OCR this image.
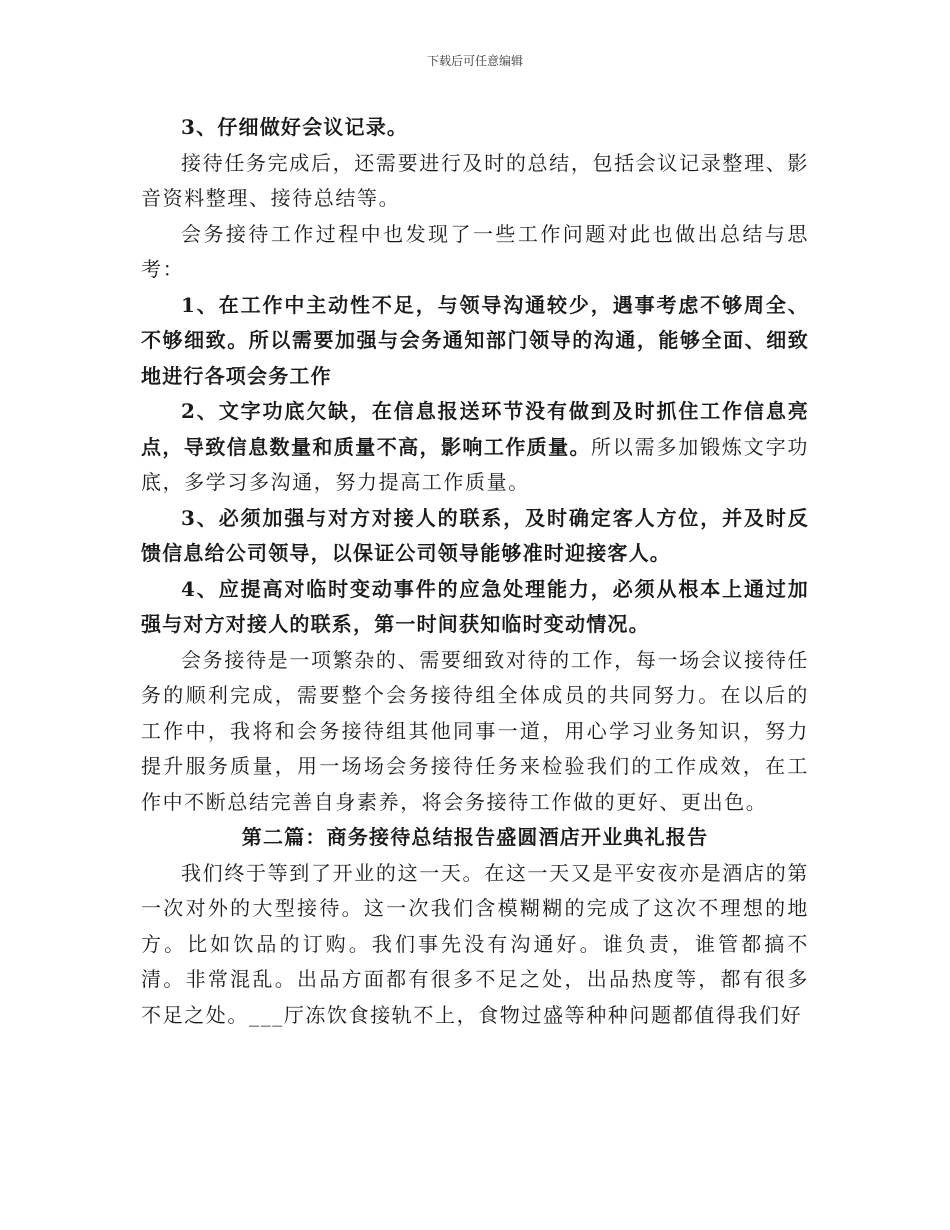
下载后可任意编辑

3、仔细做好会议记录。

接待任务完成后，还需要进行及时的总结，包括会议记录整理、影音资料整理、接待总结等。

会务接待工作过程中也发现了一些工作问题对此也做出总结与思考：

1、在工作中主动性不足，与领导沟通较少，遇事考虑不够周全、不够细致。所以需要加强与会务通知部门领导的沟通，能够全面、细致地进行各项会务工作

2、文字功底欠缺，在信息报送环节没有做到及时抓住工作信息亮点，导致信息数量和质量不高，影响工作质量。所以需多加锻炼文字功底，多学习多沟通，努力提高工作质量。

3、必须加强与对方对接人的联系，及时确定客人方位，并及时反馈信息给公司领导，以保证公司领导能够准时迎接客人。

4、应提高对临时变动事件的应急处理能力，必须从根本上通过加强与对方对接人的联系，第一时间获知临时变动情况。

会务接待是一项繁杂的、需要细致对待的工作，每一场会议接待任务的顺利完成，需要整个会务接待组全体成员的共同努力。在以后的工作中，我将和会务接待组其他同事一道，用心学习业务知识，努力提升服务质量，用一场场会务接待任务来检验我们的工作成效，在工作中不断总结完善自身素养，将会务接待工作做的更好、更出色。

第二篇：商务接待总结报告盛圆酒店开业典礼报告

我们终于等到了开业的这一天。在这一天又是平安夜亦是酒店的第一次对外的大型接待。这一次我们含模糊糊的完成了这次不理想的地方。比如饮品的订购。我们事先没有沟通好。谁负责，谁管都搞不清。非常混乱。出品方面都有很多不足之处，出品热度等，都有很多不足之处。___厅冻饮食接轨不上，食物过盛等种种问题都值得我们好
